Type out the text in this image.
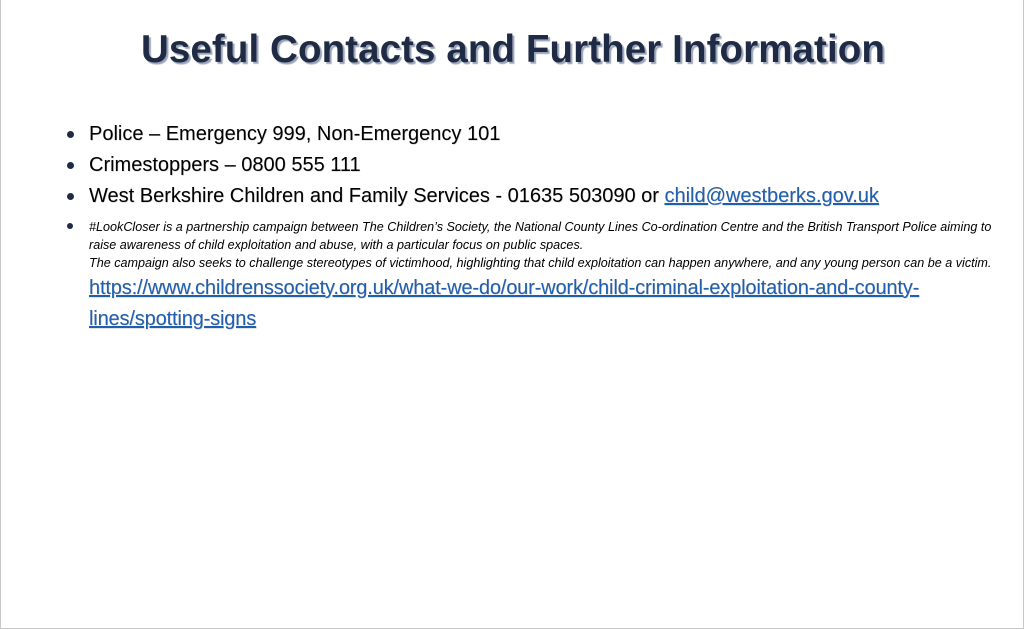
Useful Contacts and Further Information
Police – Emergency 999, Non-Emergency 101
Crimestoppers – 0800 555 111
West Berkshire Children and Family Services - 01635 503090 or child@westberks.gov.uk
#LookCloser is a partnership campaign between The Children’s Society, the National County Lines Co-ordination Centre and the British Transport Police aiming to raise awareness of child exploitation and abuse, with a particular focus on public spaces.
The campaign also seeks to challenge stereotypes of victimhood, highlighting that child exploitation can happen anywhere, and any young person can be a victim.
https://www.childrenssociety.org.uk/what-we-do/our-work/child-criminal-exploitation-and-county-lines/spotting-signs
